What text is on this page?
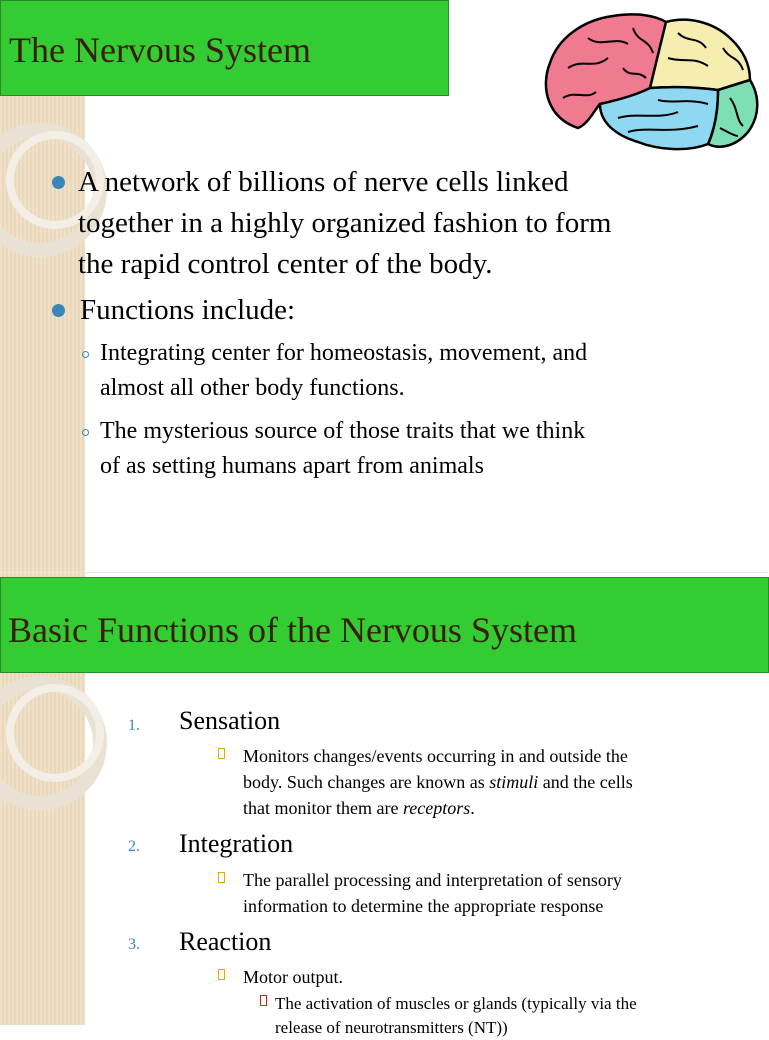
The Nervous System
A network of billions of nerve cells linked
together in a highly organized fashion to form
the rapid control center of the body.
Functions include:
Integrating center for homeostasis, movement, and
almost all other body functions.
The mysterious source of those traits that we think
of as setting humans apart from animals
Basic Functions of the Nervous System
1. Sensation
Monitors changes/events occurring in and outside the
body. Such changes are known as stimuli and the cells
that monitor them are receptors.
2. Integration
The parallel processing and interpretation of sensory
information to determine the appropriate response
3. Reaction
Motor output.
The activation of muscles or glands (typically via the
release of neurotransmitters (NT))
